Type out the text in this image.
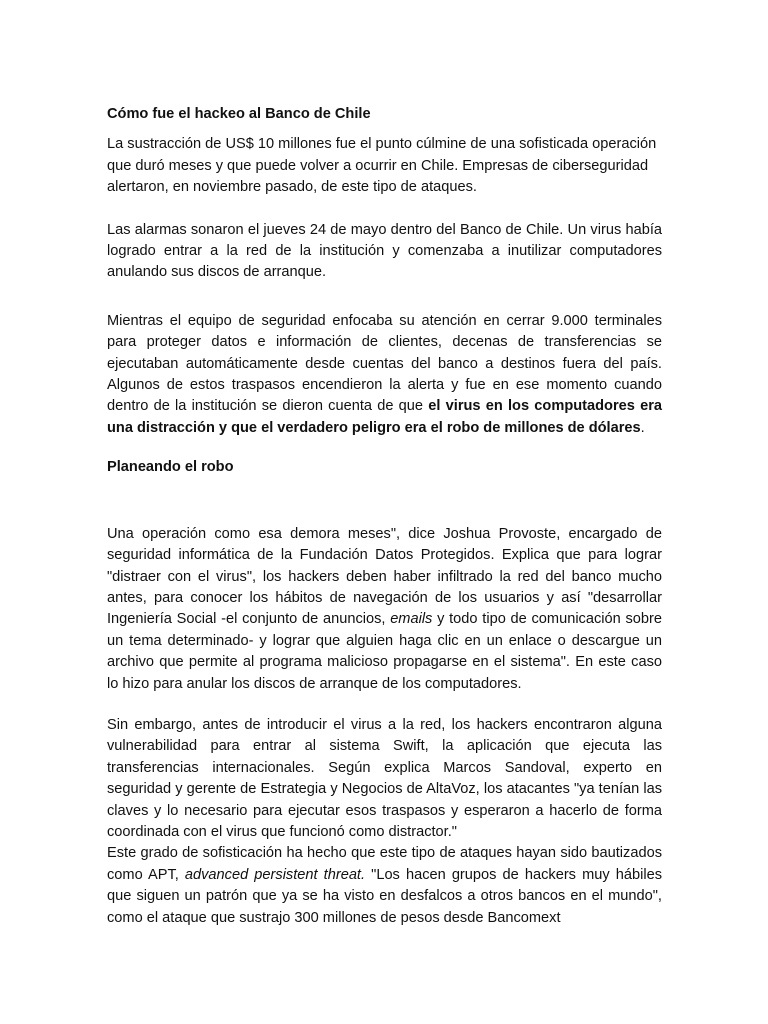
Cómo fue el hackeo al Banco de Chile

La sustracción de US$ 10 millones fue el punto cúlmine de una sofisticada operación que duró meses y que puede volver a ocurrir en Chile. Empresas de ciberseguridad alertaron, en noviembre pasado, de este tipo de ataques.

Las alarmas sonaron el jueves 24 de mayo dentro del Banco de Chile. Un virus había logrado entrar a la red de la institución y comenzaba a inutilizar computadores anulando sus discos de arranque.

Mientras el equipo de seguridad enfocaba su atención en cerrar 9.000 terminales para proteger datos e información de clientes, decenas de transferencias se ejecutaban automáticamente desde cuentas del banco a destinos fuera del país. Algunos de estos traspasos encendieron la alerta y fue en ese momento cuando dentro de la institución se dieron cuenta de que el virus en los computadores era una distracción y que el verdadero peligro era el robo de millones de dólares.

Planeando el robo

Una operación como esa demora meses", dice Joshua Provoste, encargado de seguridad informática de la Fundación Datos Protegidos. Explica que para lograr "distraer con el virus", los hackers deben haber infiltrado la red del banco mucho antes, para conocer los hábitos de navegación de los usuarios y así "desarrollar Ingeniería Social -el conjunto de anuncios, emails y todo tipo de comunicación sobre un tema determinado- y lograr que alguien haga clic en un enlace o descargue un archivo que permite al programa malicioso propagarse en el sistema". En este caso lo hizo para anular los discos de arranque de los computadores.

Sin embargo, antes de introducir el virus a la red, los hackers encontraron alguna vulnerabilidad para entrar al sistema Swift, la aplicación que ejecuta las transferencias internacionales. Según explica Marcos Sandoval, experto en seguridad y gerente de Estrategia y Negocios de AltaVoz, los atacantes "ya tenían las claves y lo necesario para ejecutar esos traspasos y esperaron a hacerlo de forma coordinada con el virus que funcionó como distractor."

Este grado de sofisticación ha hecho que este tipo de ataques hayan sido bautizados como APT, advanced persistent threat. "Los hacen grupos de hackers muy hábiles que siguen un patrón que ya se ha visto en desfalcos a otros bancos en el mundo", como el ataque que sustrajo 300 millones de pesos desde Bancomext
